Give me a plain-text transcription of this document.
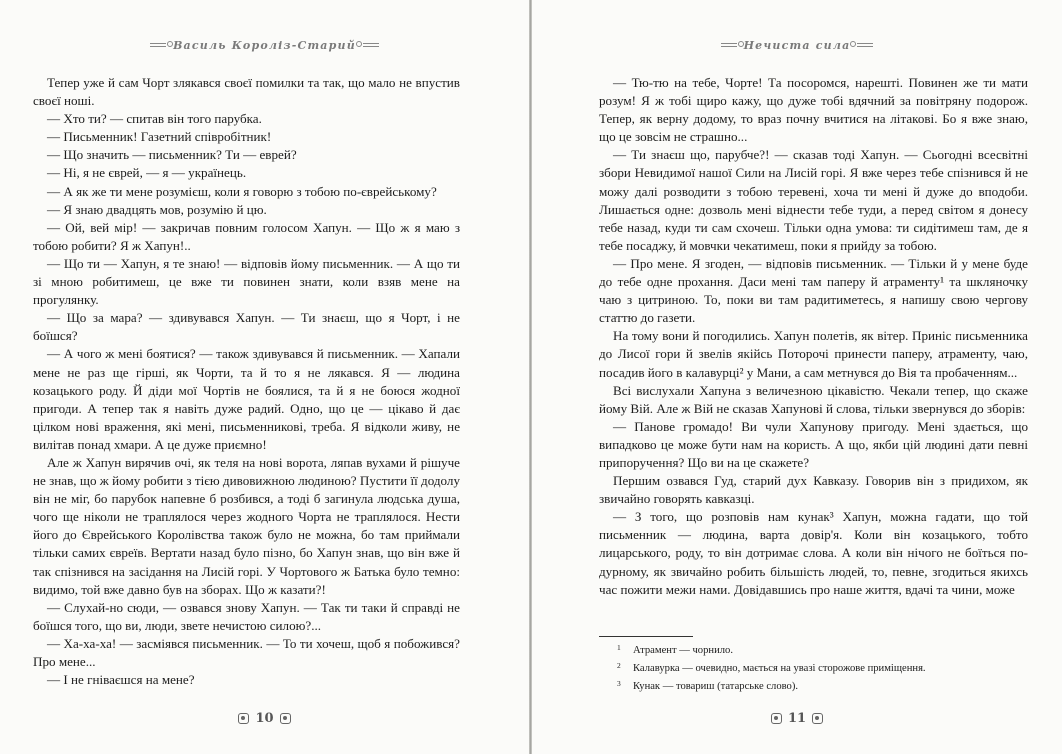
Василь Короліз-Старий

Тепер уже й сам Чорт злякався своєї помилки та так, що мало не впустив своєї ноші.

— Хто ти? — спитав він того парубка.

— Письменник! Газетний співробітник!

— Що значить — письменник? Ти — еврей?

— Ні, я не єврей, — я — українець.

— А як же ти мене розумієш, коли я говорю з тобою по-єврейському?

— Я знаю двадцять мов, розумію й цю.

— Ой, вей мір! — закричав повним голосом Хапун. — Що ж я маю з тобою робити? Я ж Хапун!..

— Що ти — Хапун, я те знаю! — відповів йому письменник. — А що ти зі мною робитимеш, це вже ти повинен знати, коли взяв мене на прогулянку.

— Що за мара? — здивувався Хапун. — Ти знаєш, що я Чорт, і не боїшся?

— А чого ж мені боятися? — також здивувався й письменник. — Хапали мене не раз ще гірші, як Чорти, та й то я не лякався. Я — людина козацького роду. Й діди мої Чортів не боялися, та й я не боюся жодної пригоди. А тепер так я навіть дуже радий. Одно, що це — цікаво й дає цілком нові враження, які мені, письменникові, треба. Я відколи живу, не вилітав понад хмари. А це дуже приємно!

Але ж Хапун вирячив очі, як теля на нові ворота, ляпав вухами й рішуче не знав, що ж йому робити з тією дивовижною людиною? Пустити її додолу він не міг, бо парубок напевне б розбився, а тоді б загинула людська душа, чого ще ніколи не траплялося через жодного Чорта не траплялося. Нести його до Єврейського Королівства також було не можна, бо там приймали тільки самих євреїв. Вертати назад було пізно, бо Хапун знав, що він вже й так спізнився на засідання на Лисій горі. У Чортового ж Батька було темно: видимо, той вже давно був на зборах. Що ж казати?!

— Слухай-но сюди, — озвався знову Хапун. — Так ти таки й справді не боїшся того, що ви, люди, звете нечистою силою?...

— Ха-ха-ха! — засміявся письменник. — То ти хочеш, щоб я побожився? Про мене...

— І не гніваєшся на мене?

10
Нечиста сила

— Тю-тю на тебе, Чорте! Та посоромся, нарешті. Повинен же ти мати розум! Я ж тобі щиро кажу, що дуже тобі вдячний за повітряну подорож. Тепер, як верну додому, то враз почну вчитися на літакові. Бо я вже знаю, що це зовсім не страшно...

— Ти знаєш що, парубче?! — сказав тоді Хапун. — Сьогодні всесвітні збори Невидимої нашої Сили на Лисій горі. Я вже через тебе спізнився й не можу далі розводити з тобою теревені, хоча ти мені й дуже до вподоби. Лишається одне: дозволь мені віднести тебе туди, а перед світом я донесу тебе назад, куди ти сам схочеш. Тільки одна умова: ти сидітимеш там, де я тебе посаджу, й мовчки чекатимеш, поки я прийду за тобою.

— Про мене. Я згоден, — відповів письменник. — Тільки й у мене буде до тебе одне прохання. Даси мені там паперу й атраменту¹ та шкляночку чаю з цитриною. То, поки ви там радитиметесь, я напишу свою чергову статтю до газети.

На тому вони й погодились. Хапун полетів, як вітер. Приніс письменника до Лисої гори й звелів якійсь Поторочі принести паперу, атраменту, чаю, посадив його в калавурці² у Мани, а сам метнувся до Вія та пробаченням...

Всі вислухали Хапуна з величезною цікавістю. Чекали тепер, що скаже йому Вій. Але ж Вій не сказав Хапунові й слова, тільки звернувся до зборів:

— Панове громадо! Ви чули Хапунову пригоду. Мені здається, що випадково це може бути нам на користь. А що, якби цій людині дати певні припоручення? Що ви на це скажете?

Першим озвався Гуд, старий дух Кавказу. Говорив він з придихом, як звичайно говорять кавказці.

— З того, що розповів нам кунак³ Хапун, можна гадати, що той письменник — людина, варта довір'я. Коли він козацького, тобто лицарського, роду, то він дотримає слова. А коли він нічого не боїться по-дурному, як звичайно робить більшість людей, то, певне, згодиться якихсь час пожити межи нами. Довідавшись про наше життя, вдачі та чини, може

1 Атрамент — чорнило.
2 Калавурка — очевидно, мається на увазі сторожове приміщення.
3 Кунак — товариш (татарське слово).
11
